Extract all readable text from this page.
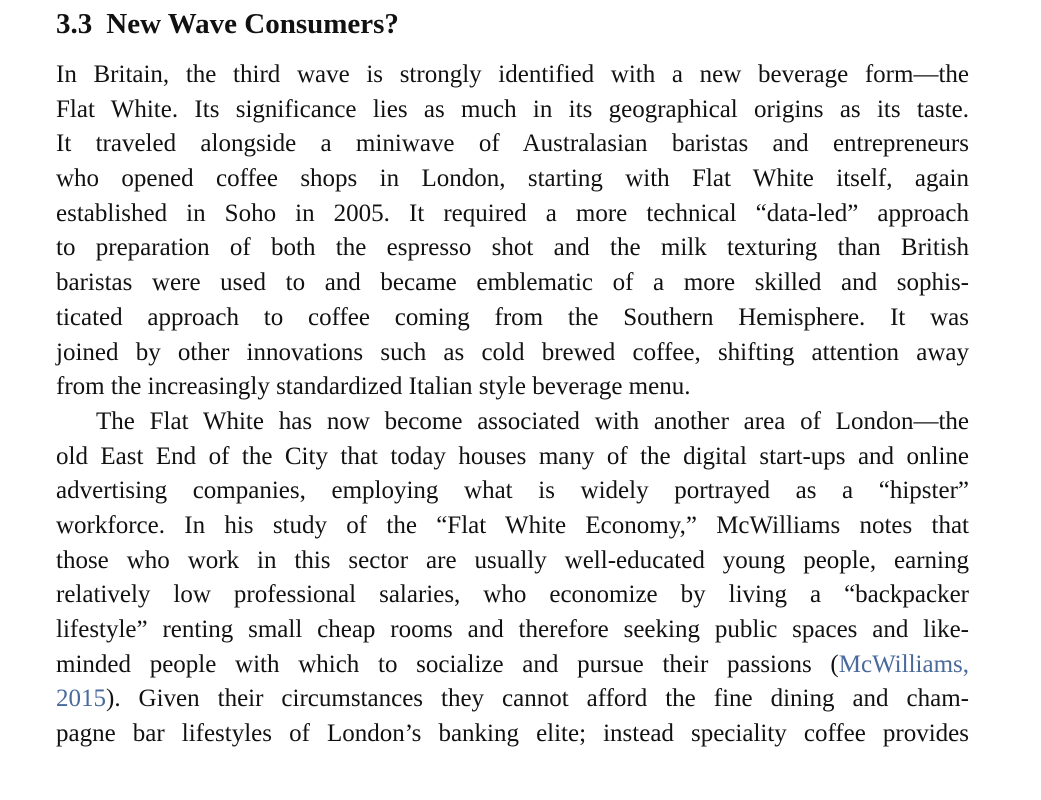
3.3 New Wave Consumers?
In Britain, the third wave is strongly identified with a new beverage form—the
Flat White. Its significance lies as much in its geographical origins as its taste.
It traveled alongside a miniwave of Australasian baristas and entrepreneurs
who opened coffee shops in London, starting with Flat White itself, again
established in Soho in 2005. It required a more technical “data-led” approach
to preparation of both the espresso shot and the milk texturing than British
baristas were used to and became emblematic of a more skilled and sophis-
ticated approach to coffee coming from the Southern Hemisphere. It was
joined by other innovations such as cold brewed coffee, shifting attention away
from the increasingly standardized Italian style beverage menu.
The Flat White has now become associated with another area of London—the
old East End of the City that today houses many of the digital start-ups and online
advertising companies, employing what is widely portrayed as a “hipster”
workforce. In his study of the “Flat White Economy,” McWilliams notes that
those who work in this sector are usually well-educated young people, earning
relatively low professional salaries, who economize by living a “backpacker
lifestyle” renting small cheap rooms and therefore seeking public spaces and like-
minded people with which to socialize and pursue their passions (McWilliams,
2015). Given their circumstances they cannot afford the fine dining and cham-
pagne bar lifestyles of London’s banking elite; instead speciality coffee provides
